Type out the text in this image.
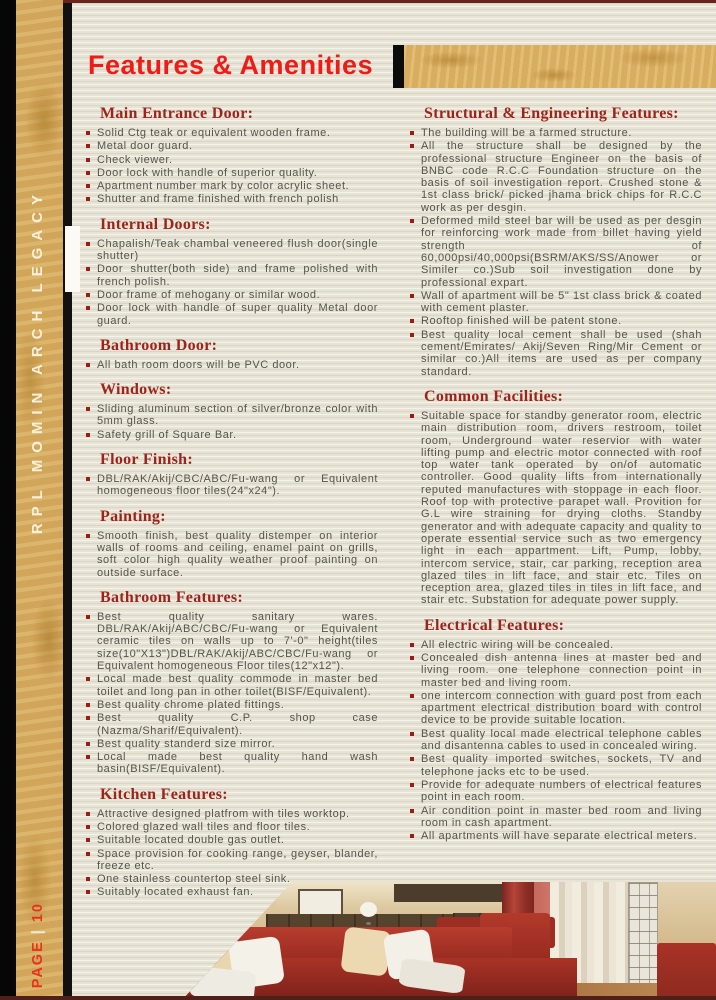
RPL MOMIN ARCH LEGACY
PAGE | 10
Features & Amenities
Main Entrance Door:
Solid Ctg teak or equivalent wooden frame.
Metal door guard.
Check viewer.
Door lock with handle of superior quality.
Apartment number mark by color acrylic sheet.
Shutter and frame finished with french polish
Internal Doors:
Chapalish/Teak chambal veneered flush door(single shutter)
Door shutter(both side) and frame polished with french polish.
Door frame of mehogany or similar wood.
Door lock with handle of super quality Metal door guard.
Bathroom Door:
All bath room doors will be PVC door.
Windows:
Sliding aluminum section of silver/bronze color with 5mm glass.
Safety grill of Square Bar.
Floor Finish:
DBL/RAK/Akij/CBC/ABC/Fu-wang or Equivalent homogeneous floor tiles(24"x24").
Painting:
Smooth finish, best quality distemper on interior walls of rooms and ceiling, enamel paint on grills, soft color high quality weather proof painting on outside surface.
Bathroom Features:
Best quality sanitary wares. DBL/RAK/Akij/ABC/CBC/Fu-wang or Equivalent ceramic tiles on walls up to 7'-0" height(tiles size(10"X13")DBL/RAK/Akij/ABC/CBC/Fu-wang or Equivalent homogeneous Floor tiles(12"x12").
Local made best quality commode in master bed toilet and long pan in other toilet(BISF/Equivalent).
Best quality chrome plated fittings.
Best quality C.P. shop case (Nazma/Sharif/Equivalent).
Best quality standerd size mirror.
Local made best quality hand wash basin(BISF/Equivalent).
Kitchen Features:
Attractive designed platfrom with tiles worktop.
Colored glazed wall tiles and floor tiles.
Suitable located double gas outlet.
Space provision for cooking range, geyser, blander, freeze etc.
One stainless countertop steel sink.
Suitably located exhaust fan.
Structural & Engineering Features:
The building will be a farmed structure.
All the structure shall be designed by the professional structure Engineer on the basis of BNBC code R.C.C Foundation structure on the basis of soil investigation report. Crushed stone & 1st class brick/ picked jhama brick chips for R.C.C work as per desgin.
Deformed mild steel bar will be used as per desgin for reinforcing work made from billet having yield strength of 60,000psi/40,000psi(BSRM/AKS/SS/Anower or Similer co.)Sub soil investigation done by professional expart.
Wall of apartment will be 5" 1st class brick & coated with cement plaster.
Rooftop finished will be patent stone.
Best quality local cement shall be used (shah cement/Emirates/ Akij/Seven Ring/Mir Cement or similar co.)All items are used as per company standard.
Common Facilities:
Suitable space for standby generator room, electric main distribution room, drivers restroom, toilet room, Underground water reservior with water lifting pump and electric motor connected with roof top water tank operated by on/of automatic controller. Good quality lifts from internationally reputed manufactures with stoppage in each floor. Roof top with protective parapet wall. Provition for G.L wire straining for drying cloths. Standby generator and with adequate capacity and quality to operate essential service such as two emergency light in each appartment. Lift, Pump, lobby, intercom service, stair, car parking, reception area glazed tiles in lift face, and stair etc. Tiles on reception area, glazed tiles in tiles in lift face, and stair etc. Substation for adequate power supply.
Electrical Features:
All electric wiring will be concealed.
Concealed dish antenna lines at master bed and living room. one telephone connection point in master bed and living room.
one intercom connection with guard post from each apartment electrical distribution board with control device to be provide suitable location.
Best quality local made electrical telephone cables and disantenna cables to used in concealed wiring.
Best quality imported switches, sockets, TV and telephone jacks etc to be used.
Provide for adequate numbers of electrical features point in each room.
Air condition point in master bed room and living room in cash apartment.
All apartments will have separate electrical meters.
